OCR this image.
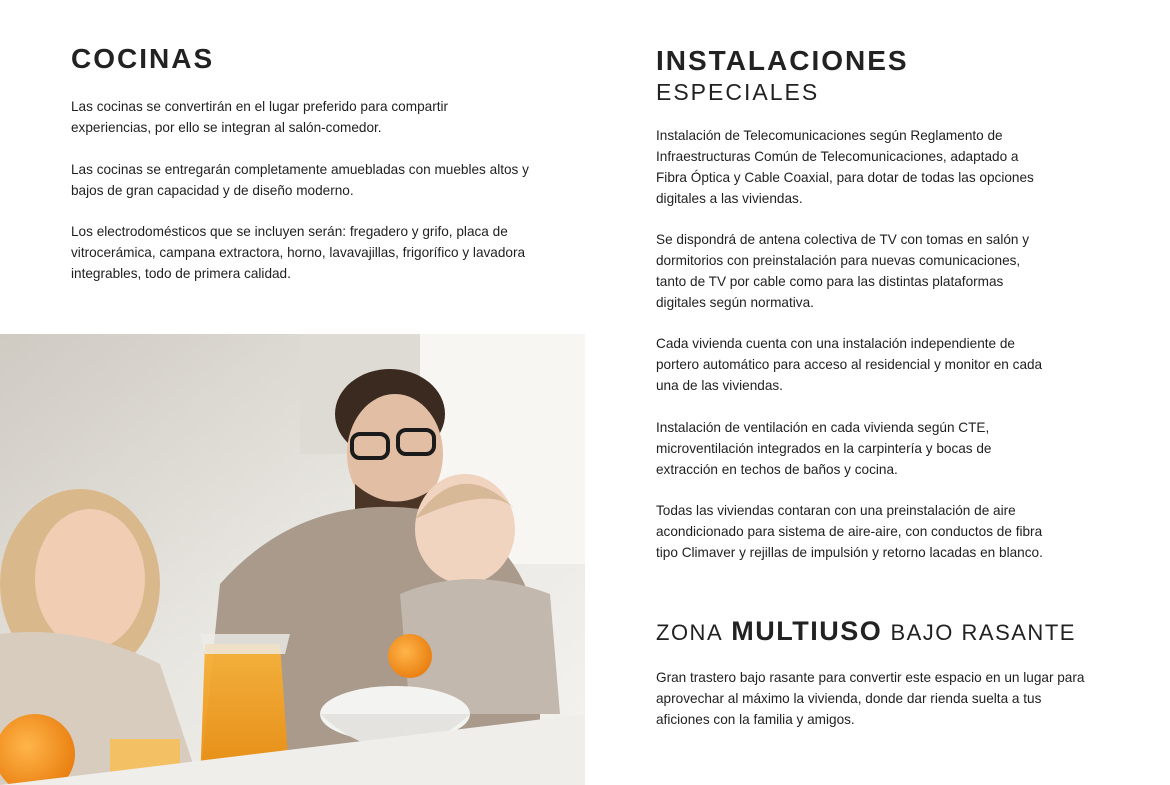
COCINAS

Las cocinas se convertirán en el lugar preferido para compartir experiencias, por ello se integran al salón-comedor.

Las cocinas se entregarán completamente amuebladas con muebles altos y bajos de gran capacidad y de diseño moderno.

Los electrodomésticos que se incluyen serán: fregadero y grifo, placa de vitrocerámica, campana extractora, horno, lavavajillas, frigorífico y lavadora integrables, todo de primera calidad.

INSTALACIONES
ESPECIALES

Instalación de Telecomunicaciones según Reglamento de Infraestructuras Común de Telecomunicaciones, adaptado a Fibra Óptica y Cable Coaxial, para dotar de todas las opciones digitales a las viviendas.

Se dispondrá de antena colectiva de TV con tomas en salón y dormitorios con preinstalación para nuevas comunicaciones, tanto de TV por cable como para las distintas plataformas digitales según normativa.

Cada vivienda cuenta con una instalación independiente de portero automático para acceso al residencial y monitor en cada una de las viviendas.

Instalación de ventilación en cada vivienda según CTE, microventilación integrados en la carpintería y bocas de extracción en techos de baños y cocina.

Todas las viviendas contaran con una preinstalación de aire acondicionado para sistema de aire-aire, con conductos de fibra tipo Climaver y rejillas de impulsión y retorno lacadas en blanco.

ZONA MULTIUSO BAJO RASANTE

Gran trastero bajo rasante para convertir este espacio en un lugar para aprovechar al máximo la vivienda, donde dar rienda suelta a tus aficiones con la familia y amigos.
